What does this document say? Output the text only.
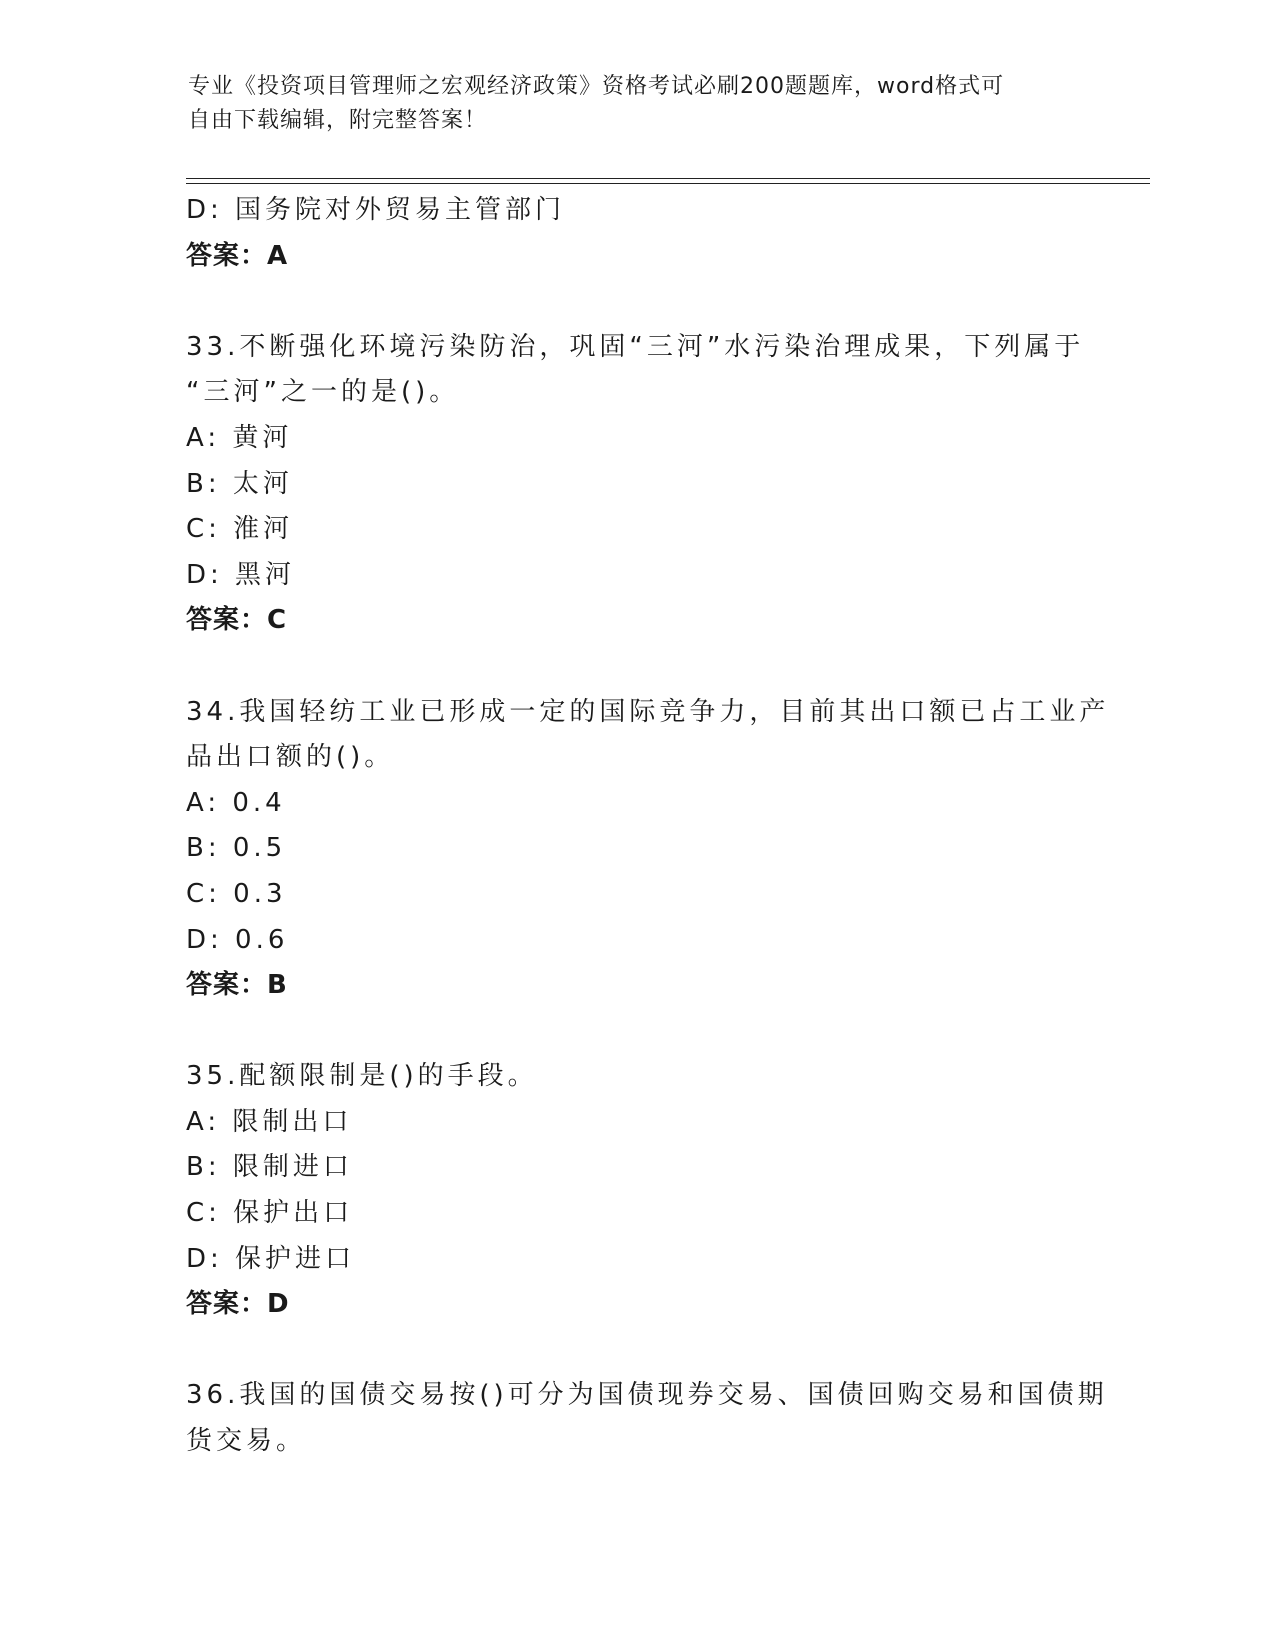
专业《投资项目管理师之宏观经济政策》资格考试必刷200题题库，word格式可
自由下载编辑，附完整答案！
D: 国务院对外贸易主管部门
答案：A
33.不断强化环境污染防治，巩固“三河”水污染治理成果，下列属于
“三河”之一的是()。
A: 黄河
B: 太河
C: 淮河
D: 黑河
答案：C
34.我国轻纺工业已形成一定的国际竞争力，目前其出口额已占工业产
品出口额的()。
A: 0.4
B: 0.5
C: 0.3
D: 0.6
答案：B
35.配额限制是()的手段。
A: 限制出口
B: 限制进口
C: 保护出口
D: 保护进口
答案：D
36.我国的国债交易按()可分为国债现券交易、国债回购交易和国债期
货交易。
